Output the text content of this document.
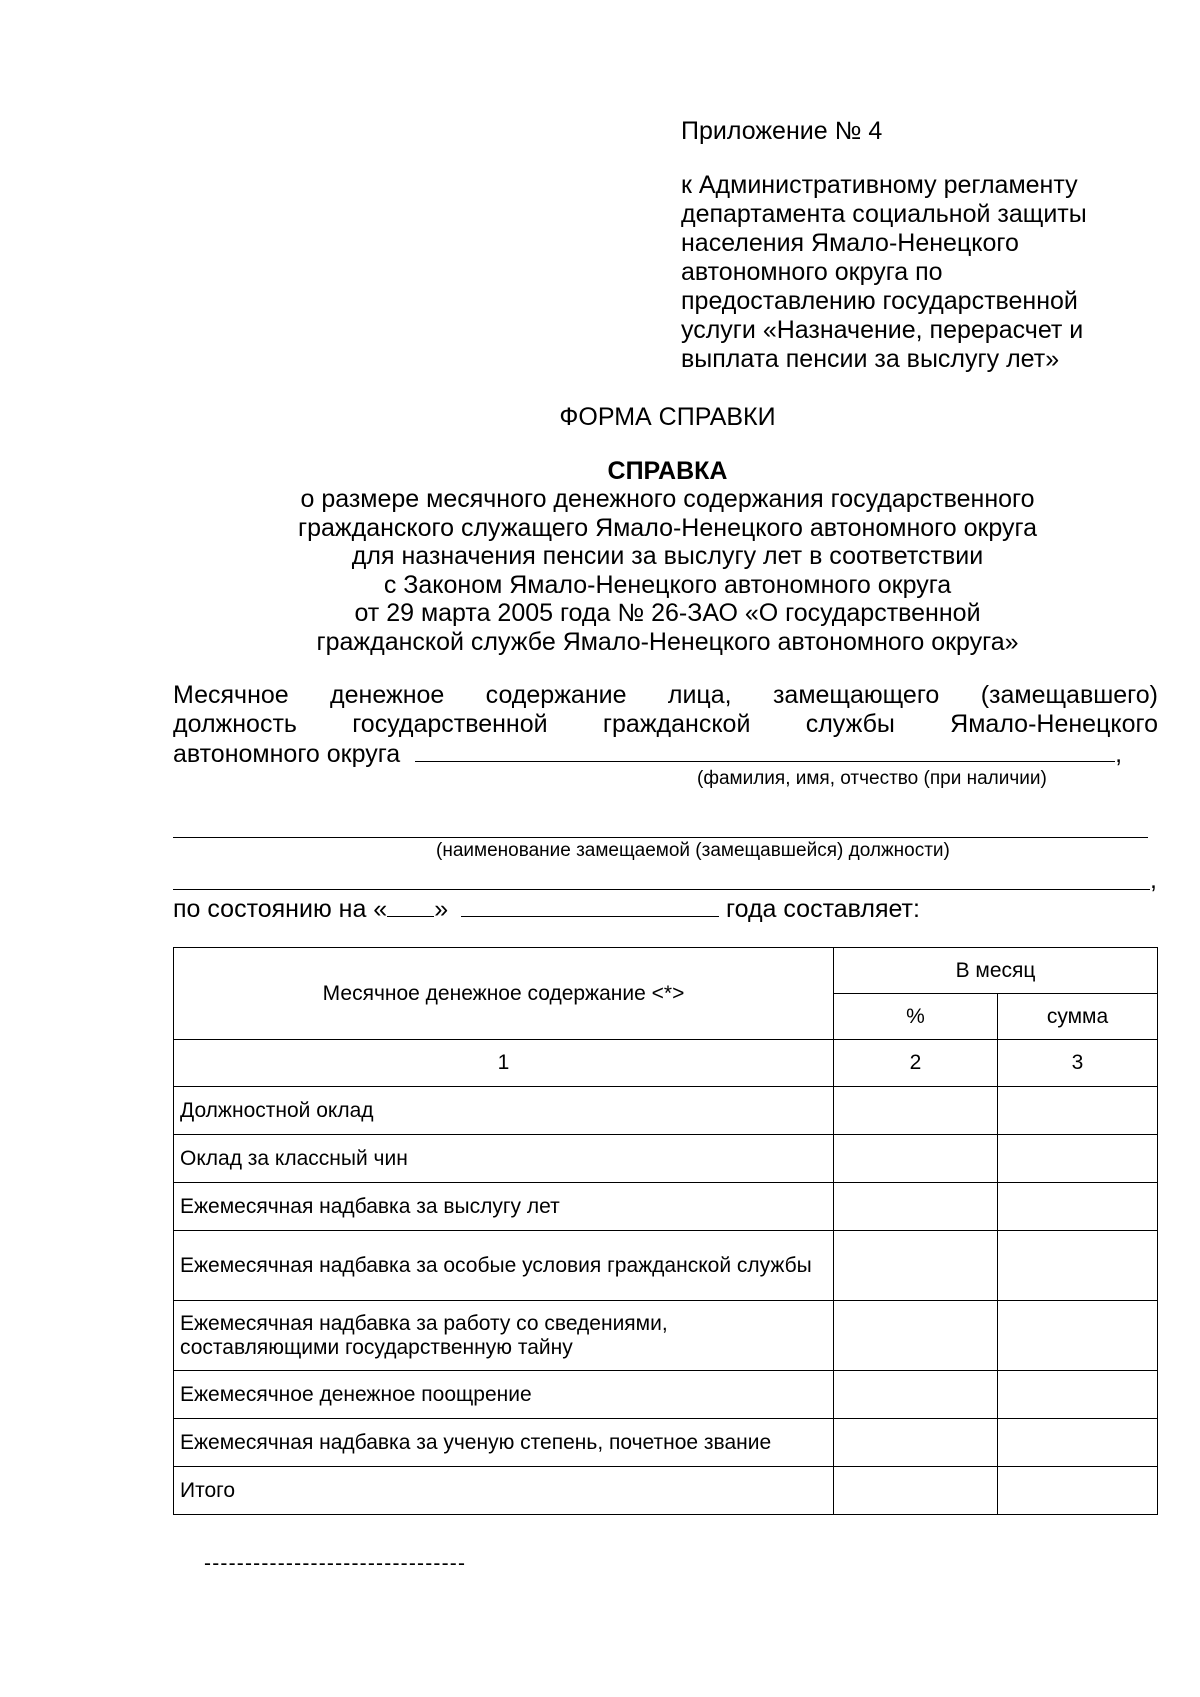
Приложение № 4
к Административному регламенту
департамента социальной защиты
населения Ямало-Ненецкого
автономного округа по
предоставлению государственной
услуги «Назначение, перерасчет и
выплата пенсии за выслугу лет»
ФОРМА СПРАВКИ
СПРАВКА
о размере месячного денежного содержания государственного
гражданского служащего Ямало-Ненецкого автономного округа
для назначения пенсии за выслугу лет в соответствии
с Законом Ямало-Ненецкого автономного округа
от 29 марта 2005 года № 26-ЗАО «О государственной
гражданской службе Ямало-Ненецкого автономного округа»
Месячное денежное содержание лица, замещающего (замещавшего)
должность государственной гражданской службы Ямало-Ненецкого
автономного округа	,
(фамилия, имя, отчество (при наличии)
(наименование замещаемой (замещавшейся) должности)
,
по состоянию на « »	года составляет:
Месячное денежное содержание <*>	В месяц	
	%	сумма
1	2	3
Должностной оклад		
Оклад за классный чин		
Ежемесячная надбавка за выслугу лет		
Ежемесячная надбавка за особые условия гражданской службы		
Ежемесячная надбавка за работу со сведениями, составляющими государственную тайну		
Ежемесячное денежное поощрение		
Ежемесячная надбавка за ученую степень, почетное звание		
Итого		
--------------------------------
